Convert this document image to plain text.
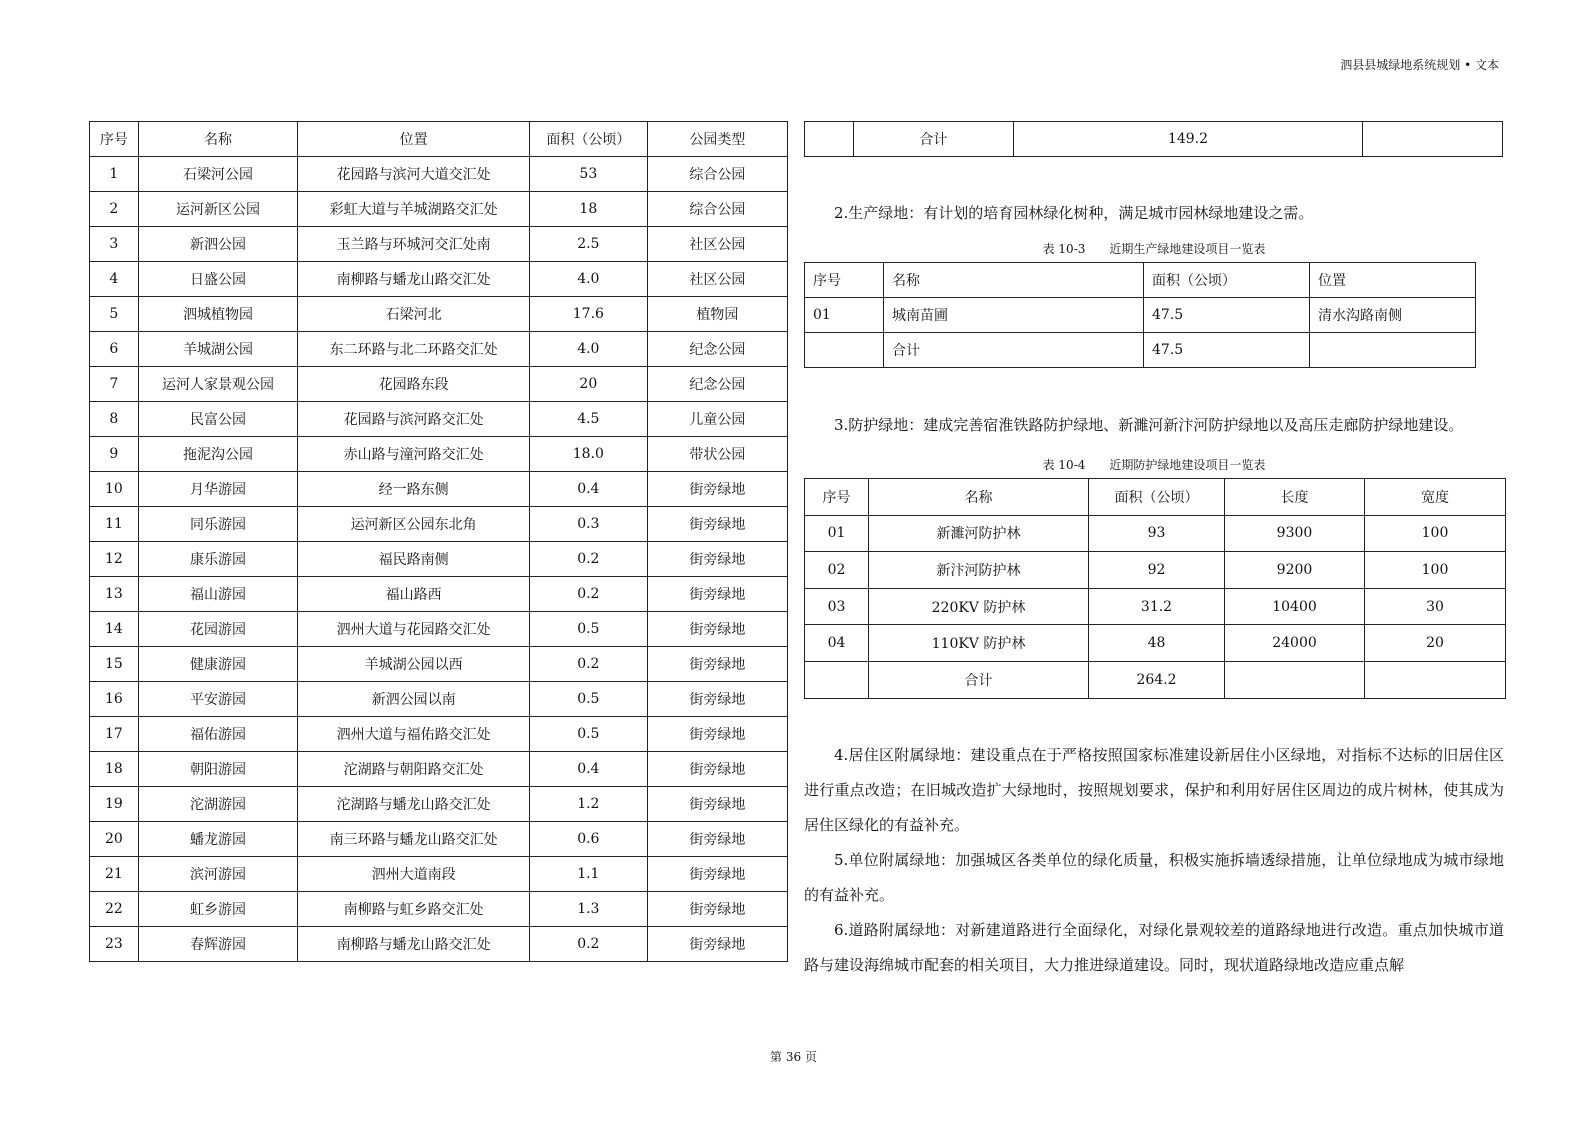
泗县县城绿地系统规划 • 文本
序号	名称	位置	面积（公顷）	公园类型
1	石梁河公园	花园路与滨河大道交汇处	53	综合公园
2	运河新区公园	彩虹大道与羊城湖路交汇处	18	综合公园
3	新泗公园	玉兰路与环城河交汇处南	2.5	社区公园
4	日盛公园	南柳路与蟠龙山路交汇处	4.0	社区公园
5	泗城植物园	石梁河北	17.6	植物园
6	羊城湖公园	东二环路与北二环路交汇处	4.0	纪念公园
7	运河人家景观公园	花园路东段	20	纪念公园
8	民富公园	花园路与滨河路交汇处	4.5	儿童公园
9	拖泥沟公园	赤山路与潼河路交汇处	18.0	带状公园
10	月华游园	经一路东侧	0.4	街旁绿地
11	同乐游园	运河新区公园东北角	0.3	街旁绿地
12	康乐游园	福民路南侧	0.2	街旁绿地
13	福山游园	福山路西	0.2	街旁绿地
14	花园游园	泗州大道与花园路交汇处	0.5	街旁绿地
15	健康游园	羊城湖公园以西	0.2	街旁绿地
16	平安游园	新泗公园以南	0.5	街旁绿地
17	福佑游园	泗州大道与福佑路交汇处	0.5	街旁绿地
18	朝阳游园	沱湖路与朝阳路交汇处	0.4	街旁绿地
19	沱湖游园	沱湖路与蟠龙山路交汇处	1.2	街旁绿地
20	蟠龙游园	南三环路与蟠龙山路交汇处	0.6	街旁绿地
21	滨河游园	泗州大道南段	1.1	街旁绿地
22	虹乡游园	南柳路与虹乡路交汇处	1.3	街旁绿地
23	春辉游园	南柳路与蟠龙山路交汇处	0.2	街旁绿地
	合计	149.2	
2.生产绿地：有计划的培育园林绿化树种，满足城市园林绿地建设之需。
表 10-3　　近期生产绿地建设项目一览表
序号	名称	面积（公顷）	位置
01	城南苗圃	47.5	清水沟路南侧
	合计	47.5	
3.防护绿地：建成完善宿淮铁路防护绿地、新濉河新汴河防护绿地以及高压走廊防护绿地建设。
表 10-4　　近期防护绿地建设项目一览表
序号	名称	面积（公顷）	长度	宽度
01	新濉河防护林	93	9300	100
02	新汴河防护林	92	9200	100
03	220KV 防护林	31.2	10400	30
04	110KV 防护林	48	24000	20
	合计	264.2		
4.居住区附属绿地：建设重点在于严格按照国家标准建设新居住小区绿地，对指标不达标的旧居住区进行重点改造；在旧城改造扩大绿地时，按照规划要求，保护和利用好居住区周边的成片树林，使其成为居住区绿化的有益补充。
5.单位附属绿地：加强城区各类单位的绿化质量，积极实施拆墙透绿措施，让单位绿地成为城市绿地的有益补充。
6.道路附属绿地：对新建道路进行全面绿化，对绿化景观较差的道路绿地进行改造。重点加快城市道路与建设海绵城市配套的相关项目，大力推进绿道建设。同时，现状道路绿地改造应重点解
第 36 页
